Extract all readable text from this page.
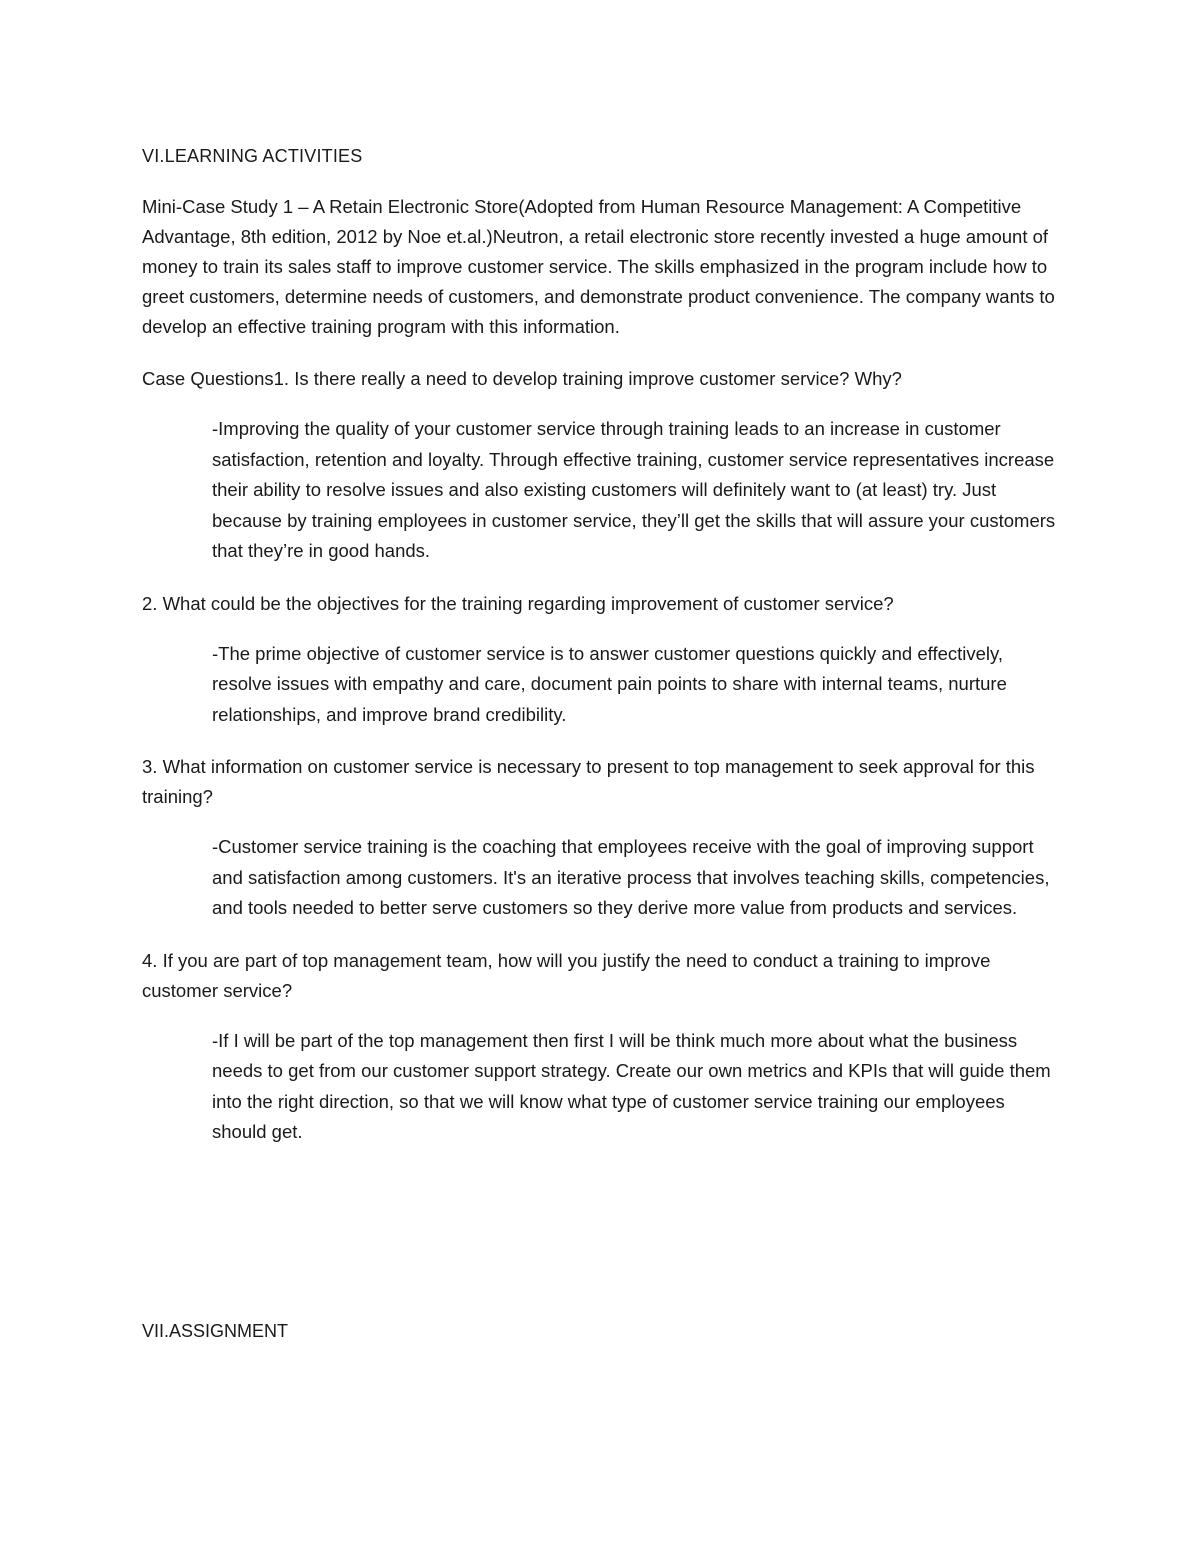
VI.LEARNING ACTIVITIES

Mini-Case Study 1 – A Retain Electronic Store(Adopted from Human Resource Management: A Competitive Advantage, 8th edition, 2012 by Noe et.al.)Neutron, a retail electronic store recently invested a huge amount of money to train its sales staff to improve customer service. The skills emphasized in the program include how to greet customers, determine needs of customers, and demonstrate product convenience. The company wants to develop an effective training program with this information.

Case Questions1. Is there really a need to develop training improve customer service? Why?

-Improving the quality of your customer service through training leads to an increase in customer satisfaction, retention and loyalty. Through effective training, customer service representatives increase their ability to resolve issues and also existing customers will definitely want to (at least) try. Just because by training employees in customer service, they’ll get the skills that will assure your customers that they’re in good hands.

2. What could be the objectives for the training regarding improvement of customer service?

-The prime objective of customer service is to answer customer questions quickly and effectively, resolve issues with empathy and care, document pain points to share with internal teams, nurture relationships, and improve brand credibility.

3. What information on customer service is necessary to present to top management to seek approval for this training?

-Customer service training is the coaching that employees receive with the goal of improving support and satisfaction among customers. It's an iterative process that involves teaching skills, competencies, and tools needed to better serve customers so they derive more value from products and services.

4. If you are part of top management team, how will you justify the need to conduct a training to improve customer service?

-If I will be part of the top management then first I will be think much more about what the business needs to get from our customer support strategy. Create our own metrics and KPIs that will guide them into the right direction, so that we will know what type of customer service training our employees should get.

VII.ASSIGNMENT
